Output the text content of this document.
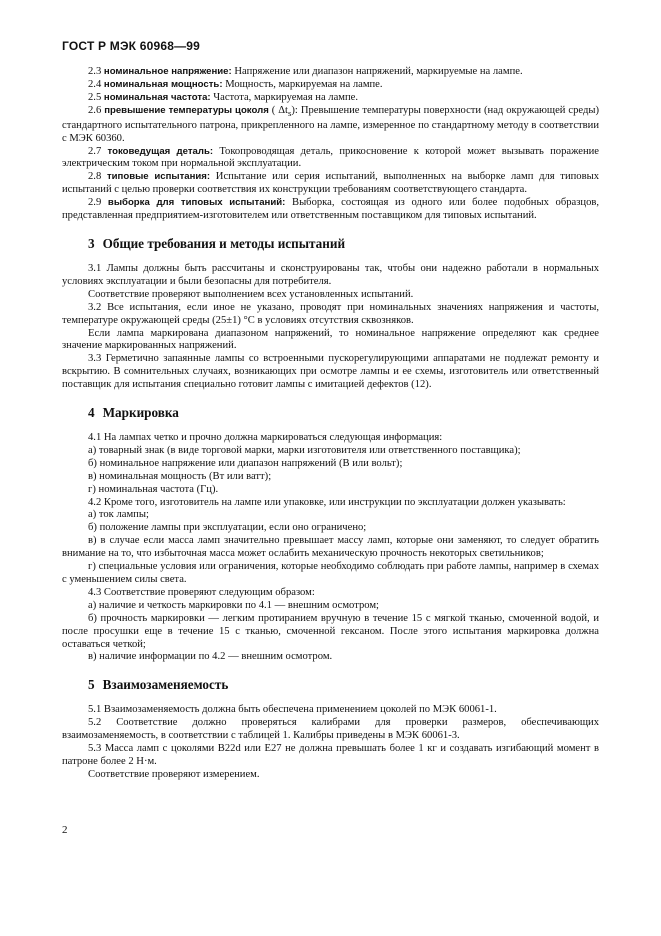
ГОСТ Р МЭК 60968—99

2.3 номинальное напряжение: Напряжение или диапазон напряжений, маркируемые на лампе.

2.4 номинальная мощность: Мощность, маркируемая на лампе.

2.5 номинальная частота: Частота, маркируемая на лампе.

2.6 превышение температуры цоколя ( $\Delta t_s$): Превышение температуры поверхности (над окружающей среды) стандартного испытательного патрона, прикрепленного на лампе, измеренное по стандартному методу в соответствии с МЭК 60360.

2.7 токоведущая деталь: Токопроводящая деталь, прикосновение к которой может вызывать поражение электрическим током при нормальной эксплуатации.

2.8 типовые испытания: Испытание или серия испытаний, выполненных на выборке ламп для типовых испытаний с целью проверки соответствия их конструкции требованиям соответствующего стандарта.

2.9 выборка для типовых испытаний: Выборка, состоящая из одного или более подобных образцов, представленная предприятием-изготовителем или ответственным поставщиком для типовых испытаний.

3 Общие требования и методы испытаний

3.1 Лампы должны быть рассчитаны и сконструированы так, чтобы они надежно работали в нормальных условиях эксплуатации и были безопасны для потребителя.

Соответствие проверяют выполнением всех установленных испытаний.

3.2 Все испытания, если иное не указано, проводят при номинальных значениях напряжения и частоты, температуре окружающей среды (25±1) °С в условиях отсутствия сквозняков.

Если лампа маркирована диапазоном напряжений, то номинальное напряжение определяют как среднее значение маркированных напряжений.

3.3 Герметично запаянные лампы со встроенными пускорегулирующими аппаратами не подлежат ремонту и вскрытию. В сомнительных случаях, возникающих при осмотре лампы и ее схемы, изготовитель или ответственный поставщик для испытания специально готовит лампы с имитацией дефектов (12).

4 Маркировка

4.1 На лампах четко и прочно должна маркироваться следующая информация:

а) товарный знак (в виде торговой марки, марки изготовителя или ответственного поставщика);

б) номинальное напряжение или диапазон напряжений (В или вольт);

в) номинальная мощность (Вт или ватт);

г) номинальная частота (Гц).

4.2 Кроме того, изготовитель на лампе или упаковке, или инструкции по эксплуатации должен указывать:

а) ток лампы;

б) положение лампы при эксплуатации, если оно ограничено;

в) в случае если масса ламп значительно превышает массу ламп, которые они заменяют, то следует обратить внимание на то, что избыточная масса может ослабить механическую прочность некоторых светильников;

г) специальные условия или ограничения, которые необходимо соблюдать при работе лампы, например в схемах с уменьшением силы света.

4.3 Соответствие проверяют следующим образом:

а) наличие и четкость маркировки по 4.1 — внешним осмотром;

б) прочность маркировки — легким протиранием вручную в течение 15 с мягкой тканью, смоченной водой, и после просушки еще в течение 15 с тканью, смоченной гексаном. После этого испытания маркировка должна оставаться четкой;

в) наличие информации по 4.2 — внешним осмотром.

5 Взаимозаменяемость

5.1 Взаимозаменяемость должна быть обеспечена применением цоколей по МЭК 60061-1.

5.2 Соответствие должно проверяться калибрами для проверки размеров, обеспечивающих взаимозаменяемость, в соответствии с таблицей 1. Калибры приведены в МЭК 60061-3.

5.3 Масса ламп с цоколями В22d или Е27 не должна превышать более 1 кг и создавать изгибающий момент в патроне более 2 Н·м.

Соответствие проверяют измерением.

2
